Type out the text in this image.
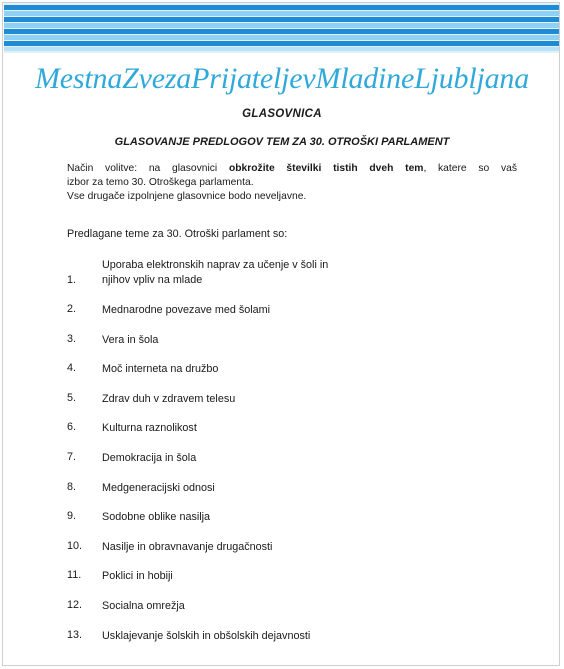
MestnaZvezaPrijateljevMladineLjubljana
GLASOVNICA
GLASOVANJE PREDLOGOV TEM ZA 30. OTROŠKI PARLAMENT
Način volitve: na glasovnici obkrožite številki tistih dveh tem, katere so vaš
izbor za temo 30. Otroškega parlamenta.
Vse drugače izpolnjene glasovnice bodo neveljavne.
Predlagane teme za 30. Otroški parlament so:
1.
Uporaba elektronskih naprav za učenje v šoli in
njihov vpliv na mlade
2.	Mednarodne povezave med šolami
3.	Vera in šola
4.	Moč interneta na družbo
5.	Zdrav duh v zdravem telesu
6.	Kulturna raznolikost
7.	Demokracija in šola
8.	Medgeneracijski odnosi
9.	Sodobne oblike nasilja
10.	Nasilje in obravnavanje drugačnosti
11.	Poklici in hobiji
12.	Socialna omrežja
13.	Usklajevanje šolskih in obšolskih dejavnosti
